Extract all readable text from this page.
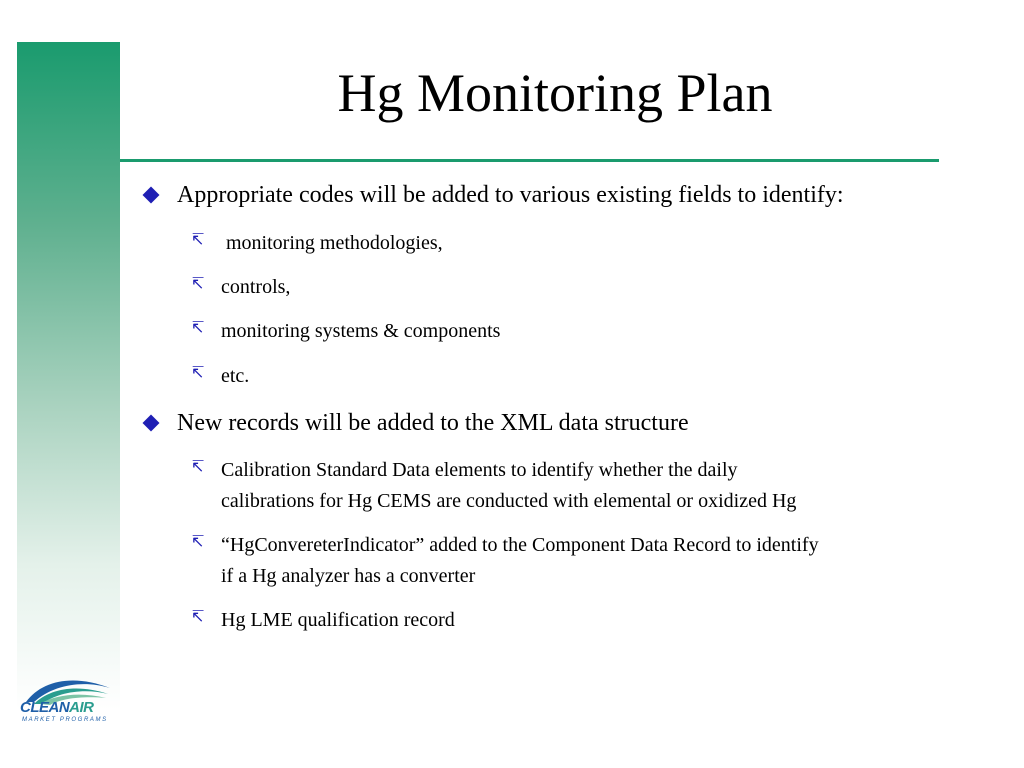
Hg Monitoring Plan
Appropriate codes will be added to various existing fields to identify:
↸ monitoring methodologies,
↸ controls,
↸ monitoring systems & components
↸ etc.
New records will be added to the XML data structure
↸ Calibration Standard Data elements to identify whether the daily
calibrations for Hg CEMS are conducted with elemental or oxidized Hg
↸ “HgConvereterIndicator” added to the Component Data Record to identify
if a Hg analyzer has a converter
↸ Hg LME qualification record
CLEANAIR
MARKET PROGRAMS
